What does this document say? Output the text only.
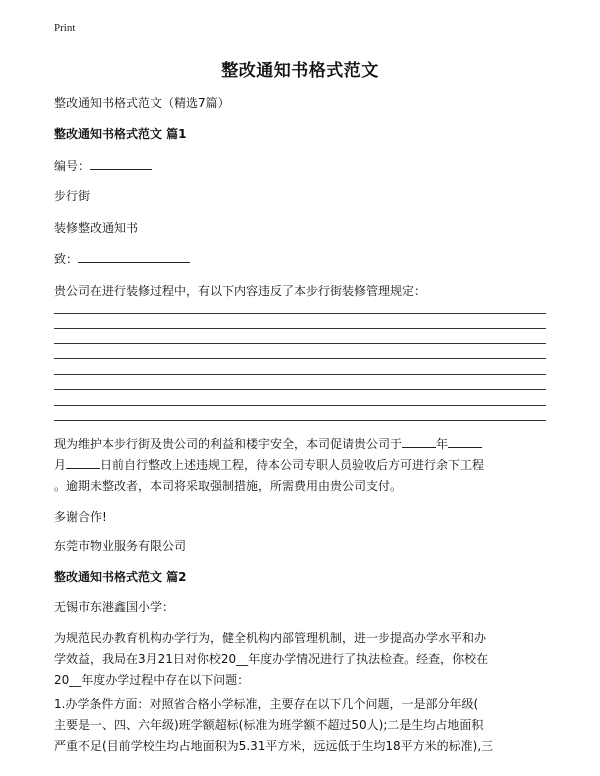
Print
整改通知书格式范文
整改通知书格式范文（精选7篇）
整改通知书格式范文 篇1
编号：
步行街
装修整改通知书
致：
贵公司在进行装修过程中，有以下内容违反了本步行街装修管理规定：
现为维护本步行街及贵公司的利益和楼宇安全，本司促请贵公司于	年
月	日前自行整改上述违规工程，待本公司专职人员验收后方可进行余下工程
。逾期未整改者，本司将采取强制措施，所需费用由贵公司支付。
多谢合作!
东莞市物业服务有限公司
整改通知书格式范文 篇2
无锡市东港鑫国小学：
为规范民办教育机构办学行为，健全机构内部管理机制，进一步提高办学水平和办
学效益，我局在3月21日对你校20__年度办学情况进行了执法检查。经查，你校在
20__年度办学过程中存在以下问题：
1.办学条件方面：对照省合格小学标准，主要存在以下几个问题，一是部分年级(
主要是一、四、六年级)班学额超标(标准为班学额不超过50人);二是生均占地面积
严重不足(目前学校生均占地面积为5.31平方米，远远低于生均18平方米的标准),三
